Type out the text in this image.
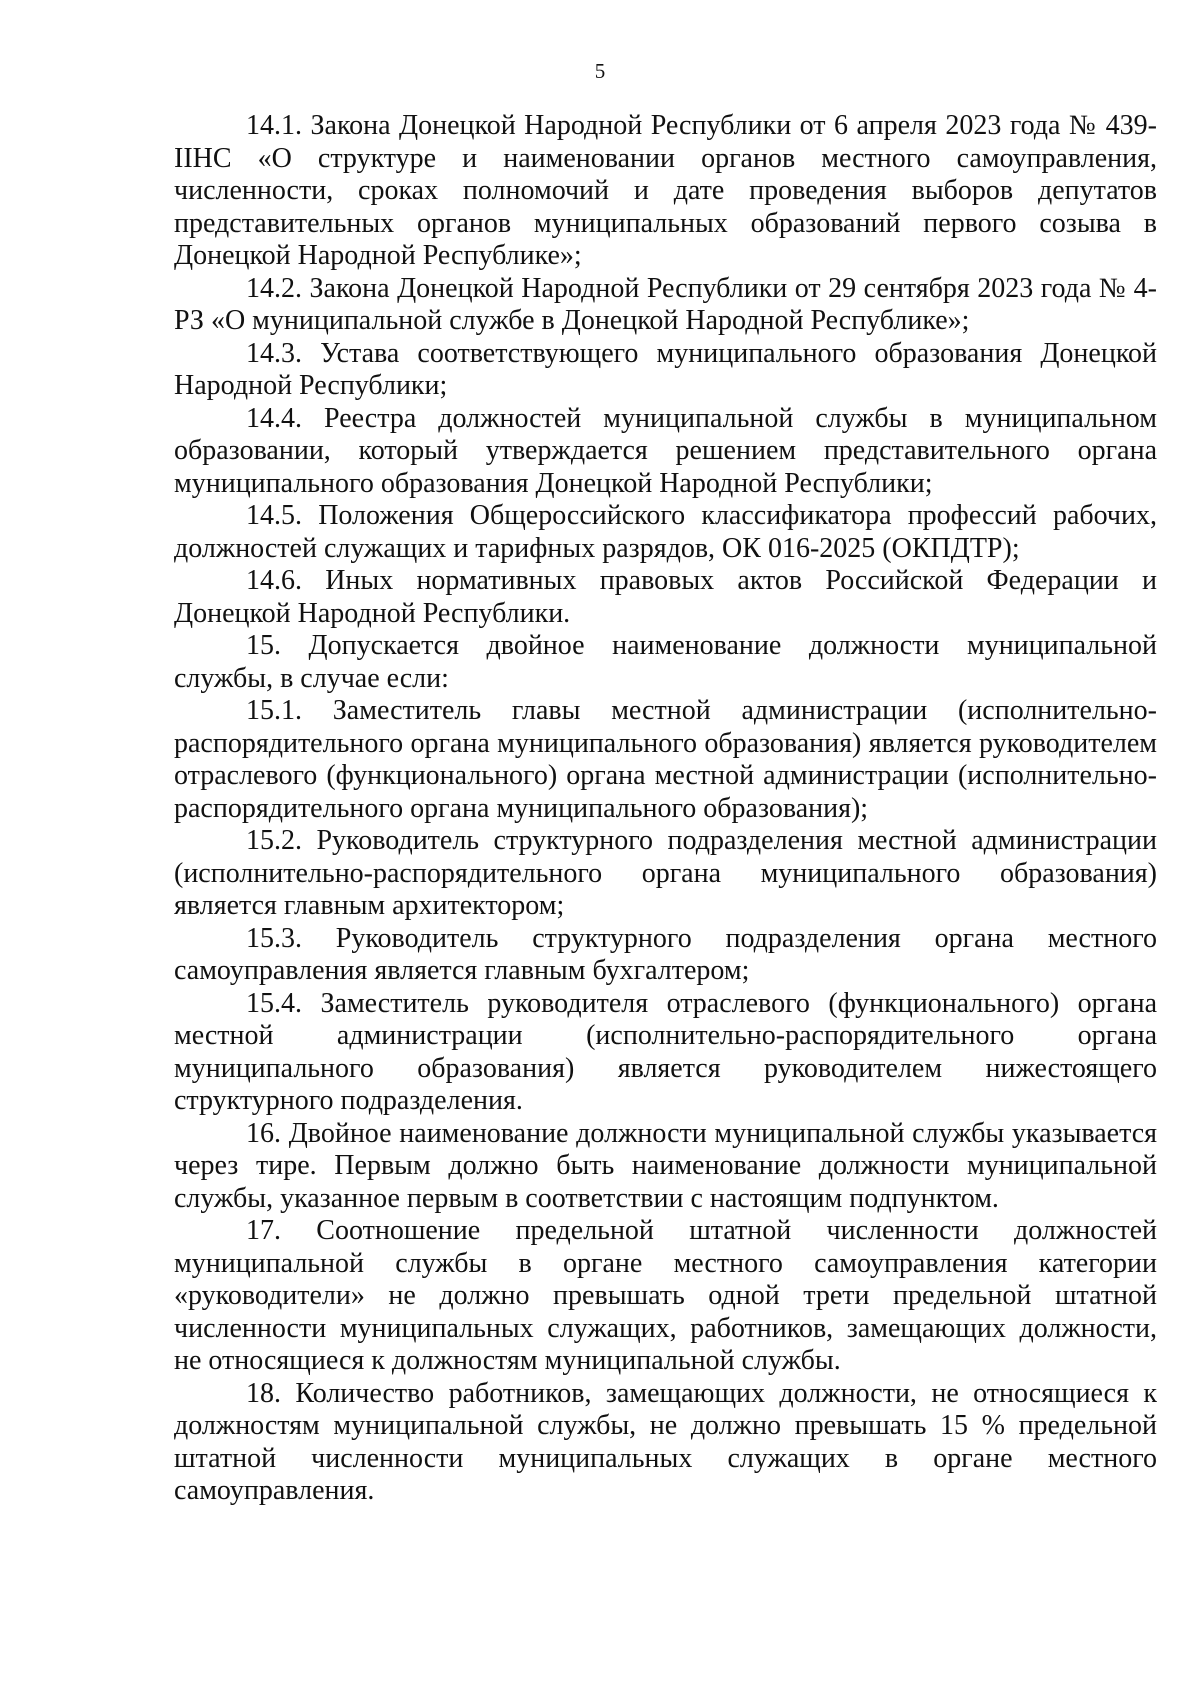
5

14.1. Закона Донецкой Народной Республики от 6 апреля 2023 года № 439-IIНС «О структуре и наименовании органов местного самоуправления, численности, сроках полномочий и дате проведения выборов депутатов представительных органов муниципальных образований первого созыва в Донецкой Народной Республике»;

14.2. Закона Донецкой Народной Республики от 29 сентября 2023 года № 4-РЗ «О муниципальной службе в Донецкой Народной Республике»;

14.3. Устава соответствующего муниципального образования Донецкой Народной Республики;

14.4. Реестра должностей муниципальной службы в муниципальном образовании, который утверждается решением представительного органа муниципального образования Донецкой Народной Республики;

14.5. Положения Общероссийского классификатора профессий рабочих, должностей служащих и тарифных разрядов, ОК 016-2025 (ОКПДТР);

14.6. Иных нормативных правовых актов Российской Федерации и Донецкой Народной Республики.

15. Допускается двойное наименование должности муниципальной службы, в случае если:

15.1. Заместитель главы местной администрации (исполнительно-распорядительного органа муниципального образования) является руководителем отраслевого (функционального) органа местной администрации (исполнительно-распорядительного органа муниципального образования);

15.2. Руководитель структурного подразделения местной администрации (исполнительно-распорядительного органа муниципального образования) является главным архитектором;

15.3. Руководитель структурного подразделения органа местного самоуправления является главным бухгалтером;

15.4. Заместитель руководителя отраслевого (функционального) органа местной администрации (исполнительно-распорядительного органа муниципального образования) является руководителем нижестоящего структурного подразделения.

16. Двойное наименование должности муниципальной службы указывается через тире. Первым должно быть наименование должности муниципальной службы, указанное первым в соответствии с настоящим подпунктом.

17. Соотношение предельной штатной численности должностей муниципальной службы в органе местного самоуправления категории «руководители» не должно превышать одной трети предельной штатной численности муниципальных служащих, работников, замещающих должности, не относящиеся к должностям муниципальной службы.

18. Количество работников, замещающих должности, не относящиеся к должностям муниципальной службы, не должно превышать 15 % предельной штатной численности муниципальных служащих в органе местного самоуправления.
